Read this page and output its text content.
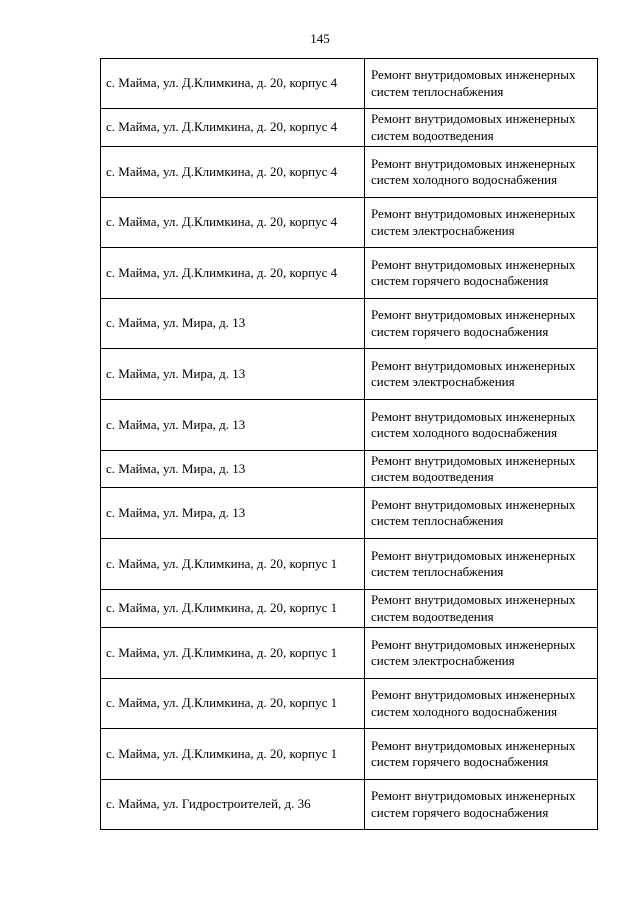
145
с. Майма, ул. Д.Климкина, д. 20, корпус 4	Ремонт внутридомовых инженерных систем теплоснабжения
с. Майма, ул. Д.Климкина, д. 20, корпус 4	Ремонт внутридомовых инженерных систем водоотведения
с. Майма, ул. Д.Климкина, д. 20, корпус 4	Ремонт внутридомовых инженерных систем холодного водоснабжения
с. Майма, ул. Д.Климкина, д. 20, корпус 4	Ремонт внутридомовых инженерных систем электроснабжения
с. Майма, ул. Д.Климкина, д. 20, корпус 4	Ремонт внутридомовых инженерных систем горячего водоснабжения
с. Майма, ул. Мира, д. 13	Ремонт внутридомовых инженерных систем горячего водоснабжения
с. Майма, ул. Мира, д. 13	Ремонт внутридомовых инженерных систем электроснабжения
с. Майма, ул. Мира, д. 13	Ремонт внутридомовых инженерных систем холодного водоснабжения
с. Майма, ул. Мира, д. 13	Ремонт внутридомовых инженерных систем водоотведения
с. Майма, ул. Мира, д. 13	Ремонт внутридомовых инженерных систем теплоснабжения
с. Майма, ул. Д.Климкина, д. 20, корпус 1	Ремонт внутридомовых инженерных систем теплоснабжения
с. Майма, ул. Д.Климкина, д. 20, корпус 1	Ремонт внутридомовых инженерных систем водоотведения
с. Майма, ул. Д.Климкина, д. 20, корпус 1	Ремонт внутридомовых инженерных систем электроснабжения
с. Майма, ул. Д.Климкина, д. 20, корпус 1	Ремонт внутридомовых инженерных систем холодного водоснабжения
с. Майма, ул. Д.Климкина, д. 20, корпус 1	Ремонт внутридомовых инженерных систем горячего водоснабжения
с. Майма, ул. Гидростроителей, д. 36	Ремонт внутридомовых инженерных систем горячего водоснабжения
